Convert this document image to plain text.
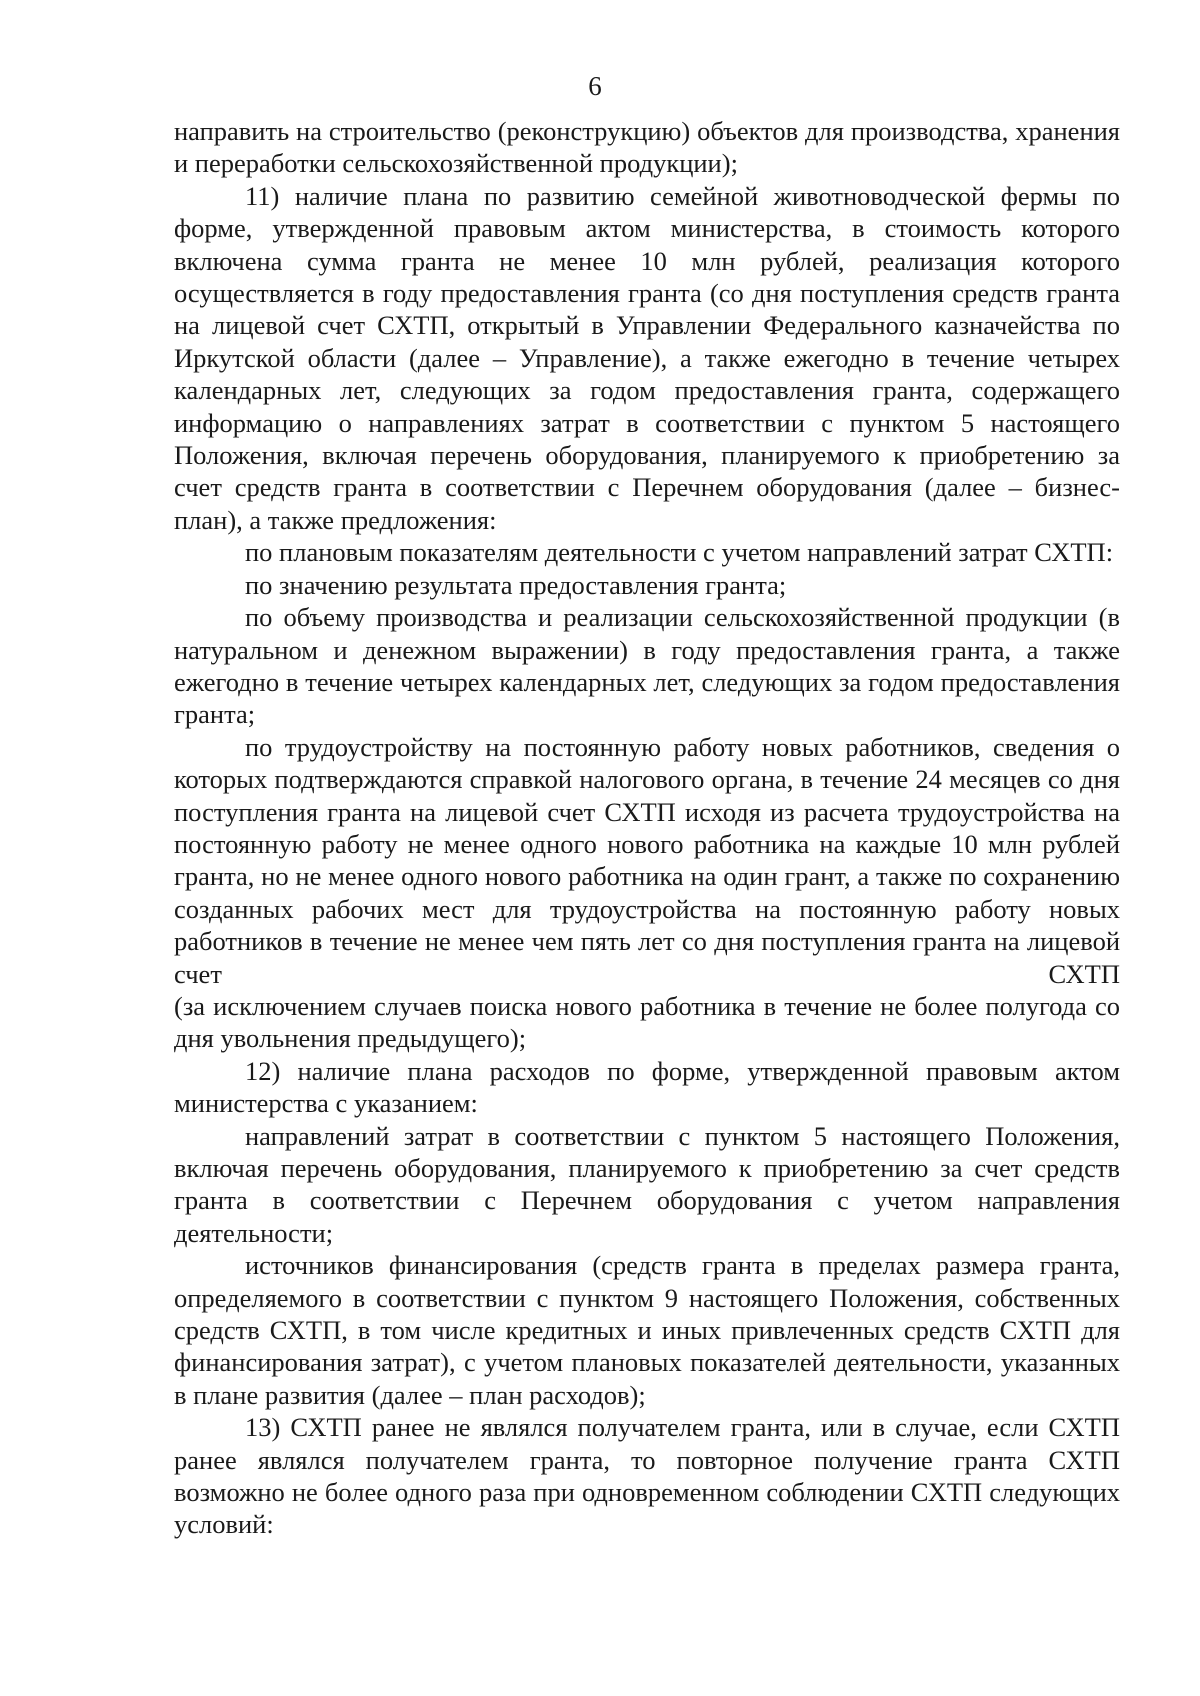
6

направить на строительство (реконструкцию) объектов для производства, хранения и переработки сельскохозяйственной продукции);

11) наличие плана по развитию семейной животноводческой фермы по форме, утвержденной правовым актом министерства, в стоимость которого включена сумма гранта не менее 10 млн рублей, реализация которого осуществляется в году предоставления гранта (со дня поступления средств гранта на лицевой счет СХТП, открытый в Управлении Федерального казначейства по Иркутской области (далее – Управление), а также ежегодно в течение четырех календарных лет, следующих за годом предоставления гранта, содержащего информацию о направлениях затрат в соответствии с пунктом 5 настоящего Положения, включая перечень оборудования, планируемого к приобретению за счет средств гранта в соответствии с Перечнем оборудования (далее – бизнес-план), а также предложения:

по плановым показателям деятельности с учетом направлений затрат СХТП:

по значению результата предоставления гранта;

по объему производства и реализации сельскохозяйственной продукции (в натуральном и денежном выражении) в году предоставления гранта, а также ежегодно в течение четырех календарных лет, следующих за годом предоставления гранта;

по трудоустройству на постоянную работу новых работников, сведения о которых подтверждаются справкой налогового органа, в течение 24 месяцев со дня поступления гранта на лицевой счет СХТП исходя из расчета трудоустройства на постоянную работу не менее одного нового работника на каждые 10 млн рублей гранта, но не менее одного нового работника на один грант, а также по сохранению созданных рабочих мест для трудоустройства на постоянную работу новых работников в течение не менее чем пять лет со дня поступления гранта на лицевой счет СХТП

(за исключением случаев поиска нового работника в течение не более полугода со дня увольнения предыдущего);

12) наличие плана расходов по форме, утвержденной правовым актом министерства с указанием:

направлений затрат в соответствии с пунктом 5 настоящего Положения, включая перечень оборудования, планируемого к приобретению за счет средств гранта в соответствии с Перечнем оборудования с учетом направления деятельности;

источников финансирования (средств гранта в пределах размера гранта, определяемого в соответствии с пунктом 9 настоящего Положения, собственных средств СХТП, в том числе кредитных и иных привлеченных средств СХТП для финансирования затрат), с учетом плановых показателей деятельности, указанных в плане развития (далее – план расходов);

13) СХТП ранее не являлся получателем гранта, или в случае, если СХТП ранее являлся получателем гранта, то повторное получение гранта СХТП возможно не более одного раза при одновременном соблюдении СХТП следующих условий:
